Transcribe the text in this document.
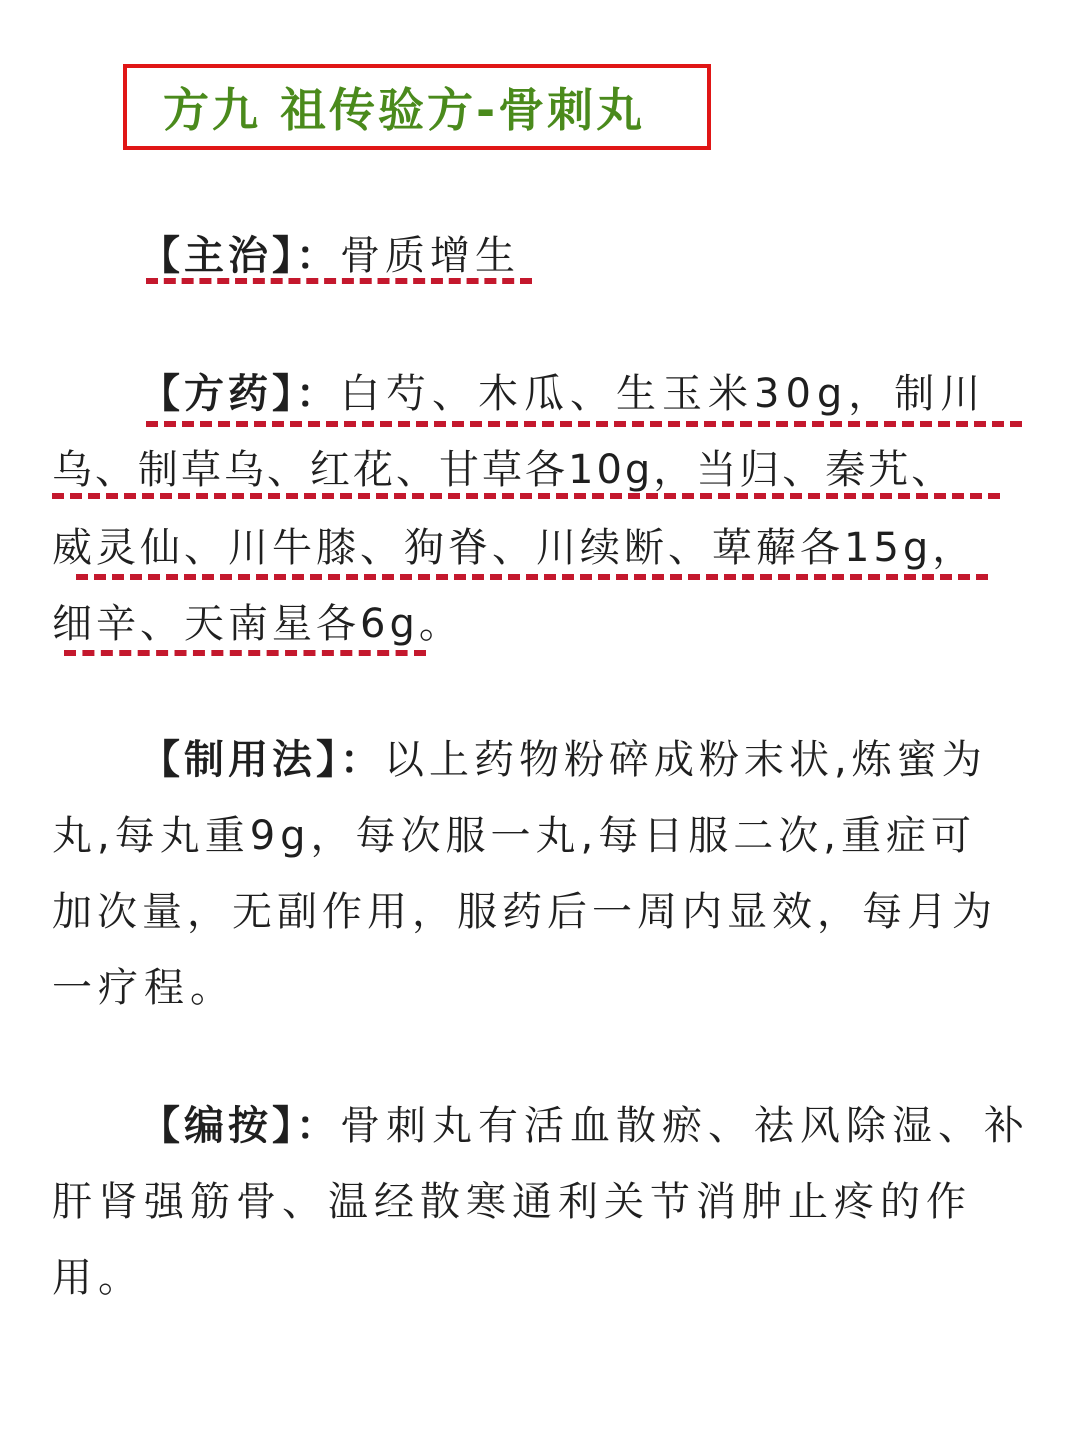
方九 祖传验方-骨刺丸
【主治】：骨质增生
【方药】：白芍、木瓜、生玉米30g，制川
乌、制草乌、红花、甘草各10g，当归、秦艽、
威灵仙、川牛膝、狗脊、川续断、萆薢各15g，
细辛、天南星各6g。
【制用法】：以上药物粉碎成粉末状,炼蜜为
丸,每丸重9g，每次服一丸,每日服二次,重症可
加次量，无副作用，服药后一周内显效，每月为
一疗程。
【编按】：骨刺丸有活血散瘀、祛风除湿、补
肝肾强筋骨、温经散寒通利关节消肿止疼的作
用。
